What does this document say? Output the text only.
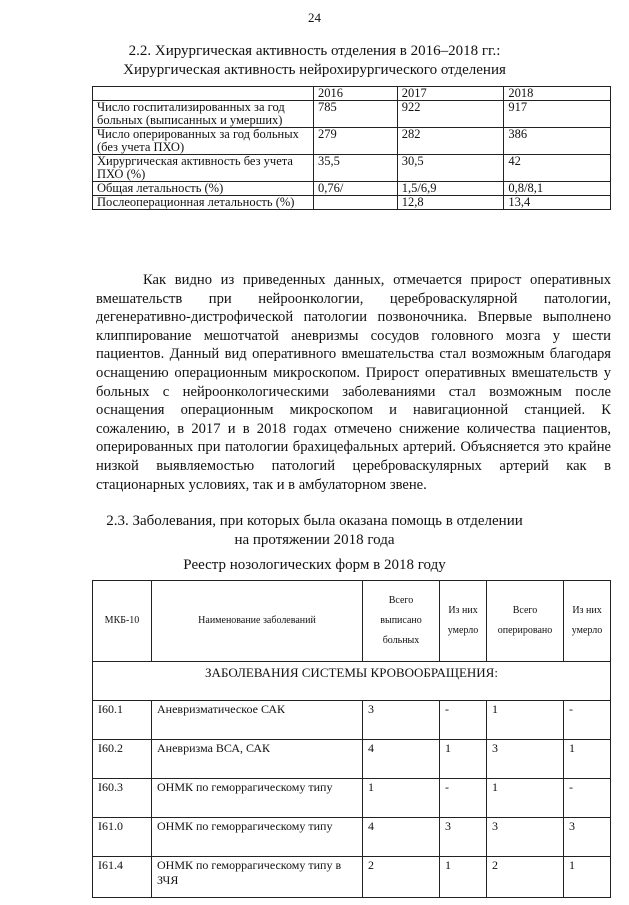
24
2.2. Хирургическая активность отделения в 2016–2018 гг.:
Хирургическая активность нейрохирургического отделения
	2016	2017	2018
Число госпитализированных за год больных (выписанных и умерших)	785	922	917
Число оперированных за год больных (без учета ПХО)	279	282	386
Хирургическая активность без учета ПХО (%)	35,5	30,5	42
Общая летальность (%)	0,76/	1,5/6,9	0,8/8,1
Послеоперационная летальность (%)		12,8	13,4
Как видно из приведенных данных, отмечается прирост оперативных вмешательств при нейроонкологии, цереброваскулярной патологии, дегенеративно-дистрофической патологии позвоночника. Впервые выполнено клиппирование мешотчатой аневризмы сосудов головного мозга у шести пациентов. Данный вид оперативного вмешательства стал возможным благодаря оснащению операционным микроскопом. Прирост оперативных вмешательств у больных с нейроонкологическими заболеваниями стал возможным после оснащения операционным микроскопом и навигационной станцией. К сожалению, в 2017 и в 2018 годах отмечено снижение количества пациентов, оперированных при патологии брахицефальных артерий. Объясняется это крайне низкой выявляемостью патологий цереброваскулярных артерий как в стационарных условиях, так и в амбулаторном звене.
2.3. Заболевания, при которых была оказана помощь в отделении
на протяжении 2018 года
Реестр нозологических форм в 2018 году
МКБ-10	Наименование заболеваний	Всего выписано больных	Из них умерло	Всего оперировано	Из них умерло
ЗАБОЛЕВАНИЯ СИСТЕМЫ КРОВООБРАЩЕНИЯ:					
I60.1	Аневризматическое САК	3	-	1	-
I60.2	Аневризма ВСА, САК	4	1	3	1
I60.3	ОНМК по геморрагическому типу	1	-	1	-
I61.0	ОНМК по геморрагическому типу	4	3	3	3
I61.4	ОНМК по геморрагическому типу в ЗЧЯ	2	1	2	1
